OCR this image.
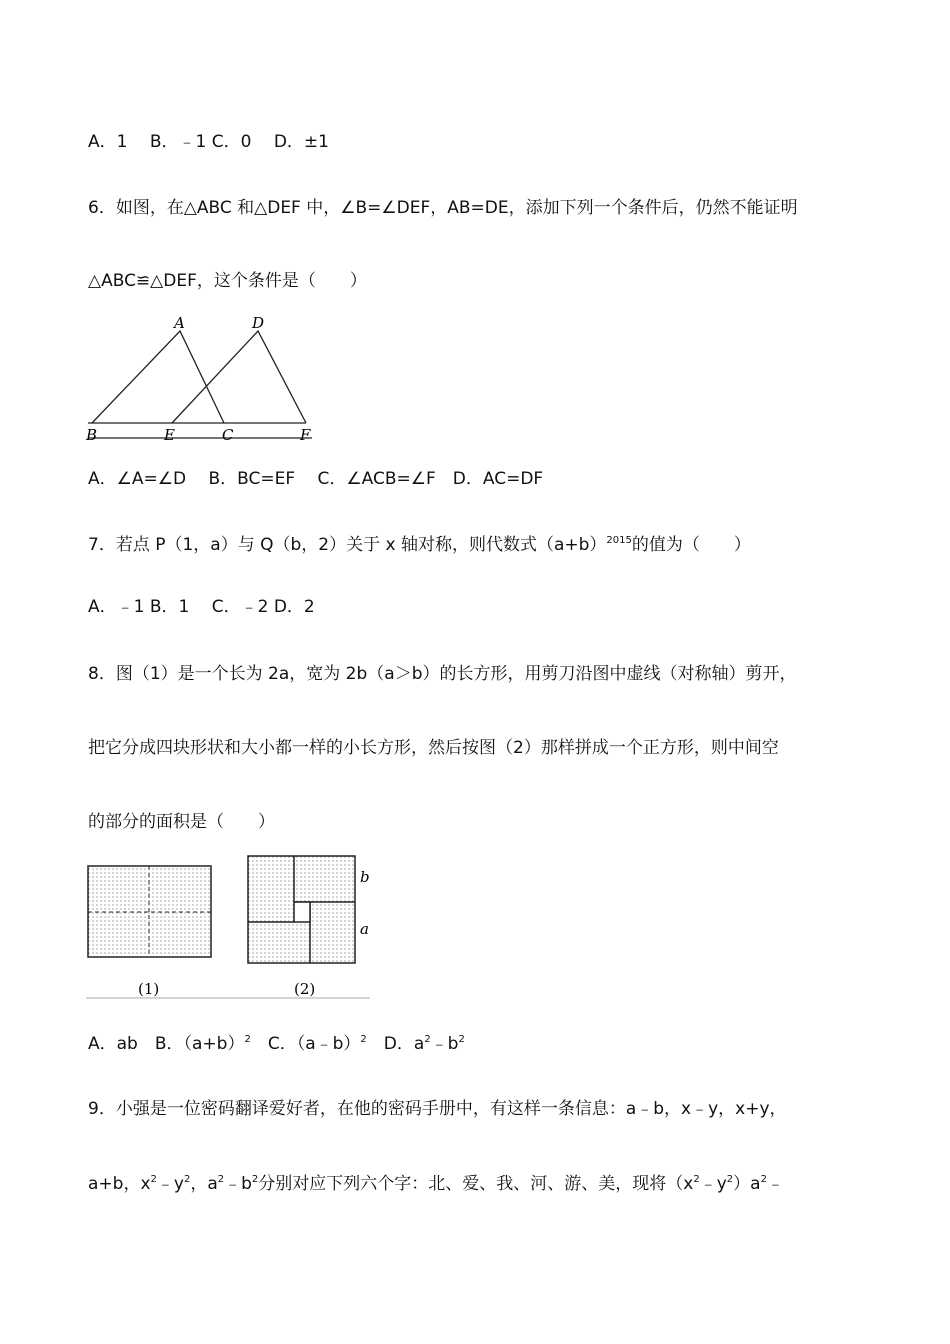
A．1　 B．﹣1 C．0　 D．±1
6．如图，在△ABC 和△DEF 中，∠B=∠DEF，AB=DE，添加下列一个条件后，仍然不能证明
△ABC≌△DEF，这个条件是（　　）
A	D
B	E	C	F
A．∠A=∠D　 B．BC=EF　 C．∠ACB=∠F　D．AC=DF
7．若点 P（1，a）与 Q（b，2）关于 x 轴对称，则代数式$(a+b)^{2015}$的值为（　　）
A．﹣1 B．1　 C．﹣2 D．2
8．图（1）是一个长为 2a，宽为 2b（a＞b）的长方形，用剪刀沿图中虚线（对称轴）剪开，
把它分成四块形状和大小都一样的小长方形，然后按图（2）那样拼成一个正方形，则中间空
的部分的面积是（　　）
(1)
b
a
(2)
A．ab　B．$(a+b)^2$　C．（a﹣b）$^2$　D．$a^2﹣b^2$
9．小强是一位密码翻译爱好者，在他的密码手册中，有这样一条信息：a﹣b，x﹣y，x+y，
a+b，$x^2﹣y^2$，$a^2﹣b^2$分别对应下列六个字：北、爱、我、河、游、美，现将$(x^2﹣y^2)a^2﹣$
